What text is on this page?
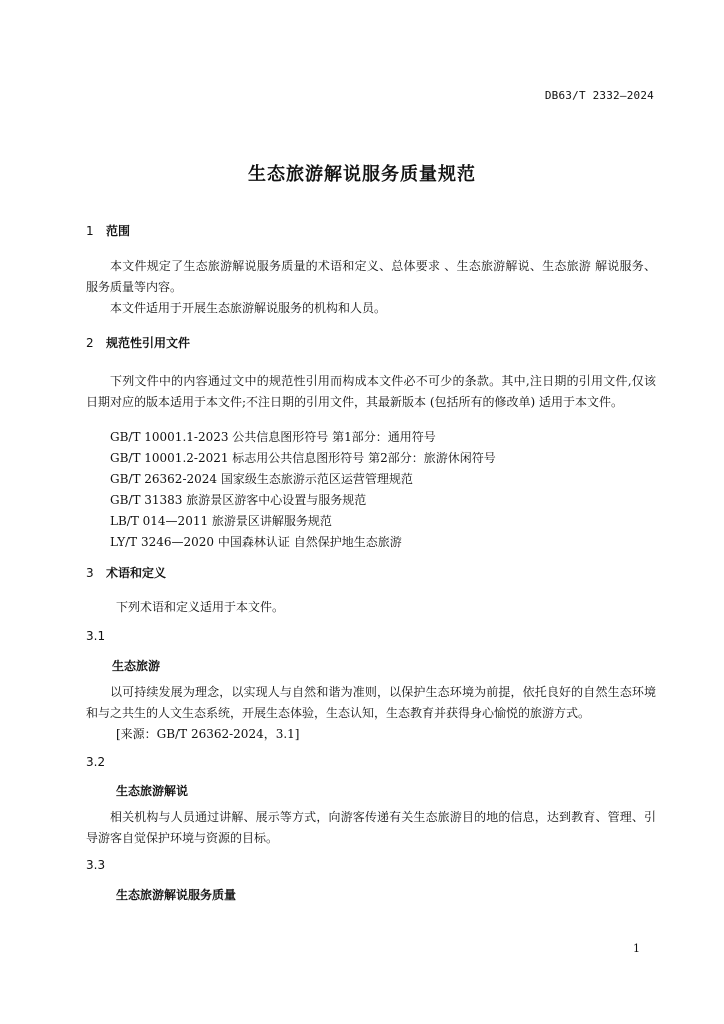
DB63/T 2332—2024
生态旅游解说服务质量规范
1 范围

本文件规定了生态旅游解说服务质量的术语和定义、总体要求 、生态旅游解说、生态旅游 解说服务、服务质量等内容。

本文件适用于开展生态旅游解说服务的机构和人员。

2 规范性引用文件

下列文件中的内容通过文中的规范性引用而构成本文件必不可少的条款。其中,注日期的引用文件,仅该日期对应的版本适用于本文件;不注日期的引用文件，其最新版本 (包括所有的修改单) 适用于本文件。

GB/T 10001.1-2023 公共信息图形符号 第1部分：通用符号
GB/T 10001.2-2021 标志用公共信息图形符号 第2部分：旅游休闲符号
GB/T 26362-2024 国家级生态旅游示范区运营管理规范
GB/T 31383 旅游景区游客中心设置与服务规范
LB/T 014—2011 旅游景区讲解服务规范
LY/T 3246—2020 中国森林认证 自然保护地生态旅游
3 术语和定义
下列术语和定义适用于本文件。
3.1
生态旅游

以可持续发展为理念，以实现人与自然和谐为准则，以保护生态环境为前提，依托良好的自然生态环境和与之共生的人文生态系统，开展生态体验，生态认知，生态教育并获得身心愉悦的旅游方式。

[来源：GB/T 26362-2024，3.1]
3.2
生态旅游解说

相关机构与人员通过讲解、展示等方式，向游客传递有关生态旅游目的地的信息，达到教育、管理、引导游客自觉保护环境与资源的目标。

3.3
生态旅游解说服务质量
1
